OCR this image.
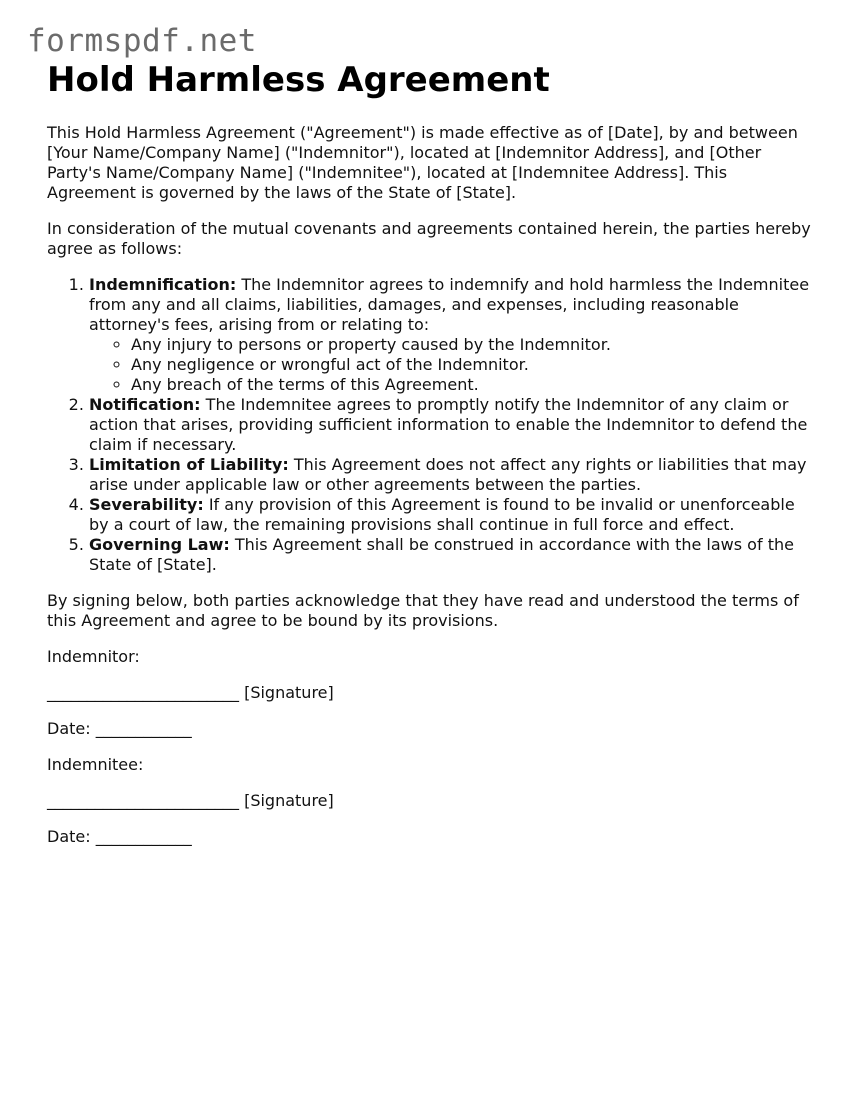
formspdf.net
Hold Harmless Agreement

This Hold Harmless Agreement ("Agreement") is made effective as of [Date], by and between [Your Name/Company Name] ("Indemnitor"), located at [Indemnitor Address], and [Other Party's Name/Company Name] ("Indemnitee"), located at [Indemnitee Address]. This Agreement is governed by the laws of the State of [State].

In consideration of the mutual covenants and agreements contained herein, the parties hereby agree as follows:

1. Indemnification: The Indemnitor agrees to indemnify and hold harmless the Indemnitee from any and all claims, liabilities, damages, and expenses, including reasonable attorney's fees, arising from or relating to:
◦ Any injury to persons or property caused by the Indemnitor.
◦ Any negligence or wrongful act of the Indemnitor.
◦ Any breach of the terms of this Agreement.
2. Notification: The Indemnitee agrees to promptly notify the Indemnitor of any claim or action that arises, providing sufficient information to enable the Indemnitor to defend the claim if necessary.
3. Limitation of Liability: This Agreement does not affect any rights or liabilities that may arise under applicable law or other agreements between the parties.
4. Severability: If any provision of this Agreement is found to be invalid or unenforceable by a court of law, the remaining provisions shall continue in full force and effect.
5. Governing Law: This Agreement shall be construed in accordance with the laws of the State of [State].

By signing below, both parties acknowledge that they have read and understood the terms of this Agreement and agree to be bound by its provisions.

Indemnitor:

________________________ [Signature]

Date: ____________

Indemnitee:

________________________ [Signature]

Date: ____________
